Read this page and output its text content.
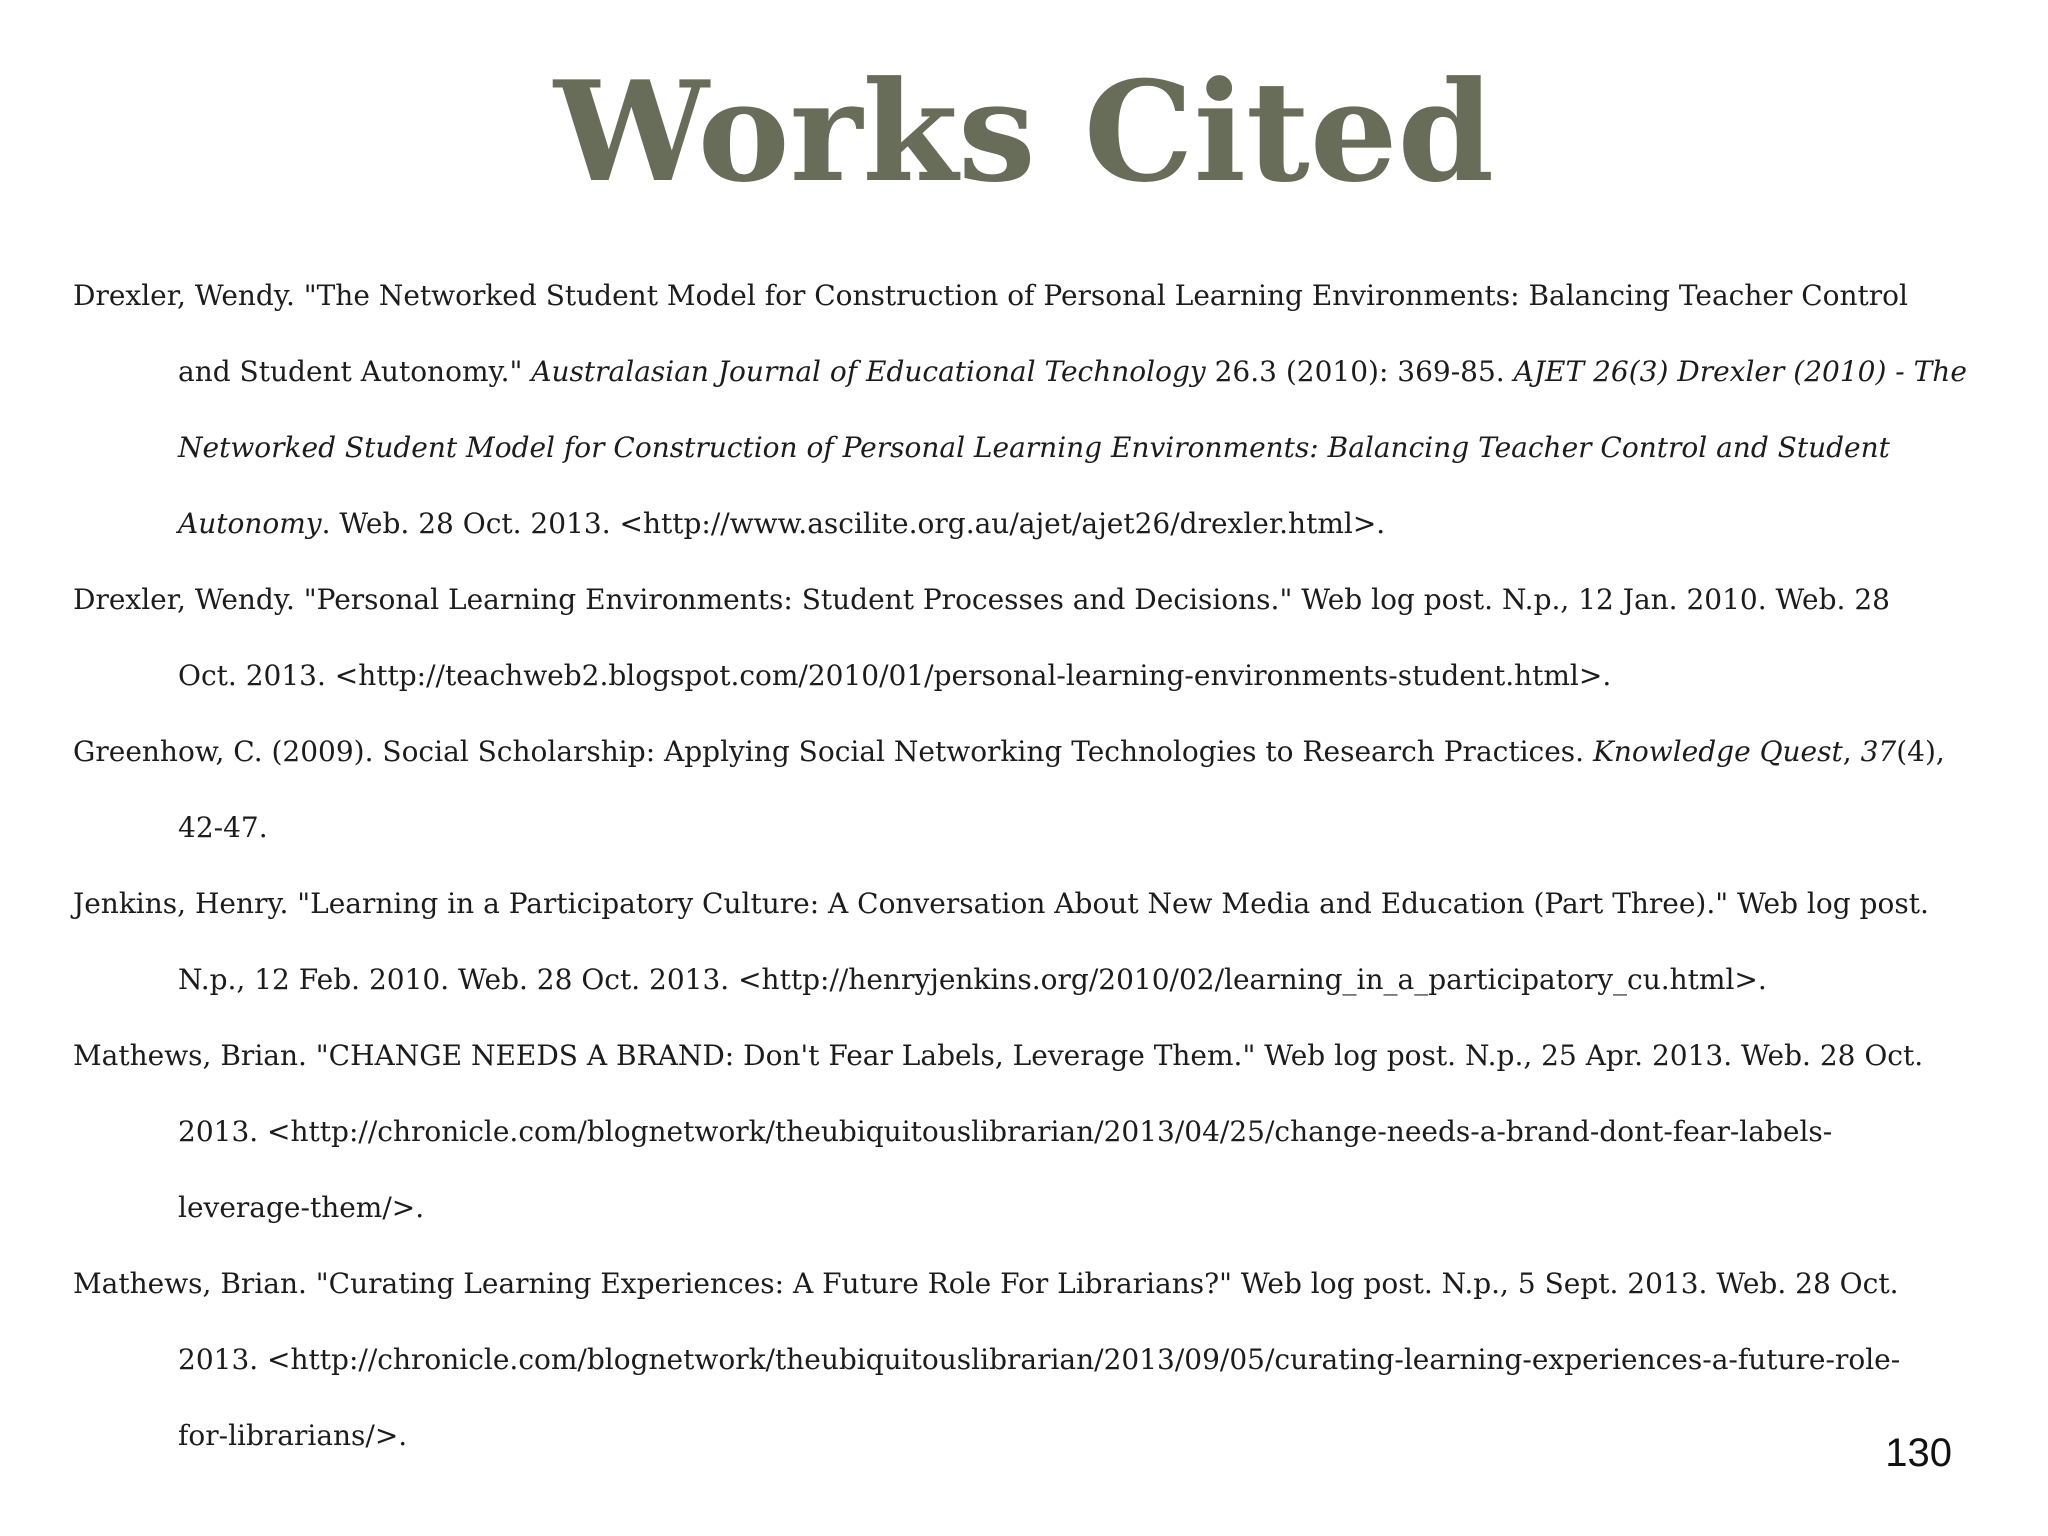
Works Cited

Drexler, Wendy. "The Networked Student Model for Construction of Personal Learning Environments: Balancing Teacher Control
and Student Autonomy." Australasian Journal of Educational Technology 26.3 (2010): 369-85. AJET 26(3) Drexler (2010) - The
Networked Student Model for Construction of Personal Learning Environments: Balancing Teacher Control and Student
Autonomy. Web. 28 Oct. 2013. <http://www.ascilite.org.au/ajet/ajet26/drexler.html>.

Drexler, Wendy. "Personal Learning Environments: Student Processes and Decisions." Web log post. N.p., 12 Jan. 2010. Web. 28
Oct. 2013. <http://teachweb2.blogspot.com/2010/01/personal-learning-environments-student.html>.

Greenhow, C. (2009). Social Scholarship: Applying Social Networking Technologies to Research Practices. Knowledge Quest, 37(4),
42-47.

Jenkins, Henry. "Learning in a Participatory Culture: A Conversation About New Media and Education (Part Three)." Web log post.
N.p., 12 Feb. 2010. Web. 28 Oct. 2013. <http://henryjenkins.org/2010/02/learning_in_a_participatory_cu.html>.

Mathews, Brian. "CHANGE NEEDS A BRAND: Don't Fear Labels, Leverage Them." Web log post. N.p., 25 Apr. 2013. Web. 28 Oct.
2013. <http://chronicle.com/blognetwork/theubiquitouslibrarian/2013/04/25/change-needs-a-brand-dont-fear-labels-
leverage-them/>.

Mathews, Brian. "Curating Learning Experiences: A Future Role For Librarians?" Web log post. N.p., 5 Sept. 2013. Web. 28 Oct.
2013. <http://chronicle.com/blognetwork/theubiquitouslibrarian/2013/09/05/curating-learning-experiences-a-future-role-
for-librarians/>.	130
